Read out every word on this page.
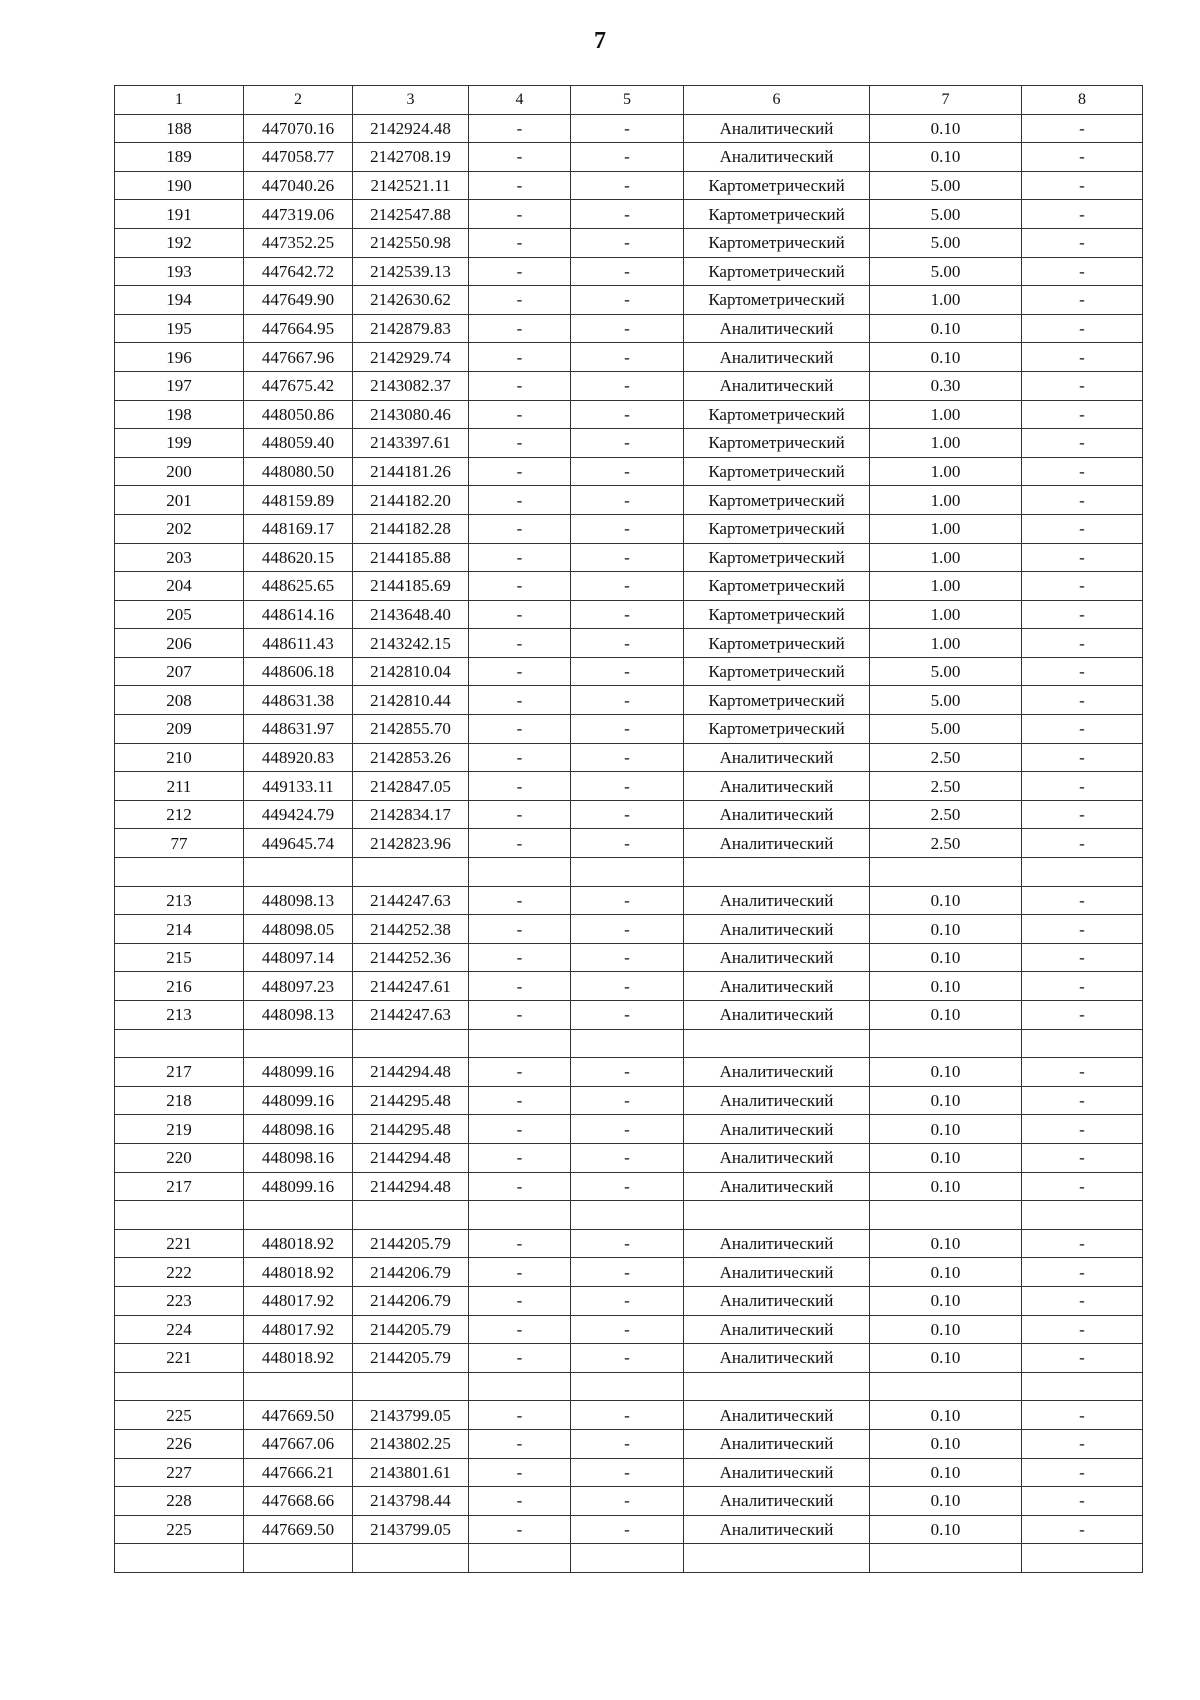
7
1	2	3	4	5	6	7	8
188	447070.16	2142924.48	-	-	Аналитический	0.10	-
189	447058.77	2142708.19	-	-	Аналитический	0.10	-
190	447040.26	2142521.11	-	-	Картометрический	5.00	-
191	447319.06	2142547.88	-	-	Картометрический	5.00	-
192	447352.25	2142550.98	-	-	Картометрический	5.00	-
193	447642.72	2142539.13	-	-	Картометрический	5.00	-
194	447649.90	2142630.62	-	-	Картометрический	1.00	-
195	447664.95	2142879.83	-	-	Аналитический	0.10	-
196	447667.96	2142929.74	-	-	Аналитический	0.10	-
197	447675.42	2143082.37	-	-	Аналитический	0.30	-
198	448050.86	2143080.46	-	-	Картометрический	1.00	-
199	448059.40	2143397.61	-	-	Картометрический	1.00	-
200	448080.50	2144181.26	-	-	Картометрический	1.00	-
201	448159.89	2144182.20	-	-	Картометрический	1.00	-
202	448169.17	2144182.28	-	-	Картометрический	1.00	-
203	448620.15	2144185.88	-	-	Картометрический	1.00	-
204	448625.65	2144185.69	-	-	Картометрический	1.00	-
205	448614.16	2143648.40	-	-	Картометрический	1.00	-
206	448611.43	2143242.15	-	-	Картометрический	1.00	-
207	448606.18	2142810.04	-	-	Картометрический	5.00	-
208	448631.38	2142810.44	-	-	Картометрический	5.00	-
209	448631.97	2142855.70	-	-	Картометрический	5.00	-
210	448920.83	2142853.26	-	-	Аналитический	2.50	-
211	449133.11	2142847.05	-	-	Аналитический	2.50	-
212	449424.79	2142834.17	-	-	Аналитический	2.50	-
77	449645.74	2142823.96	-	-	Аналитический	2.50	-

213	448098.13	2144247.63	-	-	Аналитический	0.10	-
214	448098.05	2144252.38	-	-	Аналитический	0.10	-
215	448097.14	2144252.36	-	-	Аналитический	0.10	-
216	448097.23	2144247.61	-	-	Аналитический	0.10	-
213	448098.13	2144247.63	-	-	Аналитический	0.10	-

217	448099.16	2144294.48	-	-	Аналитический	0.10	-
218	448099.16	2144295.48	-	-	Аналитический	0.10	-
219	448098.16	2144295.48	-	-	Аналитический	0.10	-
220	448098.16	2144294.48	-	-	Аналитический	0.10	-
217	448099.16	2144294.48	-	-	Аналитический	0.10	-

221	448018.92	2144205.79	-	-	Аналитический	0.10	-
222	448018.92	2144206.79	-	-	Аналитический	0.10	-
223	448017.92	2144206.79	-	-	Аналитический	0.10	-
224	448017.92	2144205.79	-	-	Аналитический	0.10	-
221	448018.92	2144205.79	-	-	Аналитический	0.10	-

225	447669.50	2143799.05	-	-	Аналитический	0.10	-
226	447667.06	2143802.25	-	-	Аналитический	0.10	-
227	447666.21	2143801.61	-	-	Аналитический	0.10	-
228	447668.66	2143798.44	-	-	Аналитический	0.10	-
225	447669.50	2143799.05	-	-	Аналитический	0.10	-
